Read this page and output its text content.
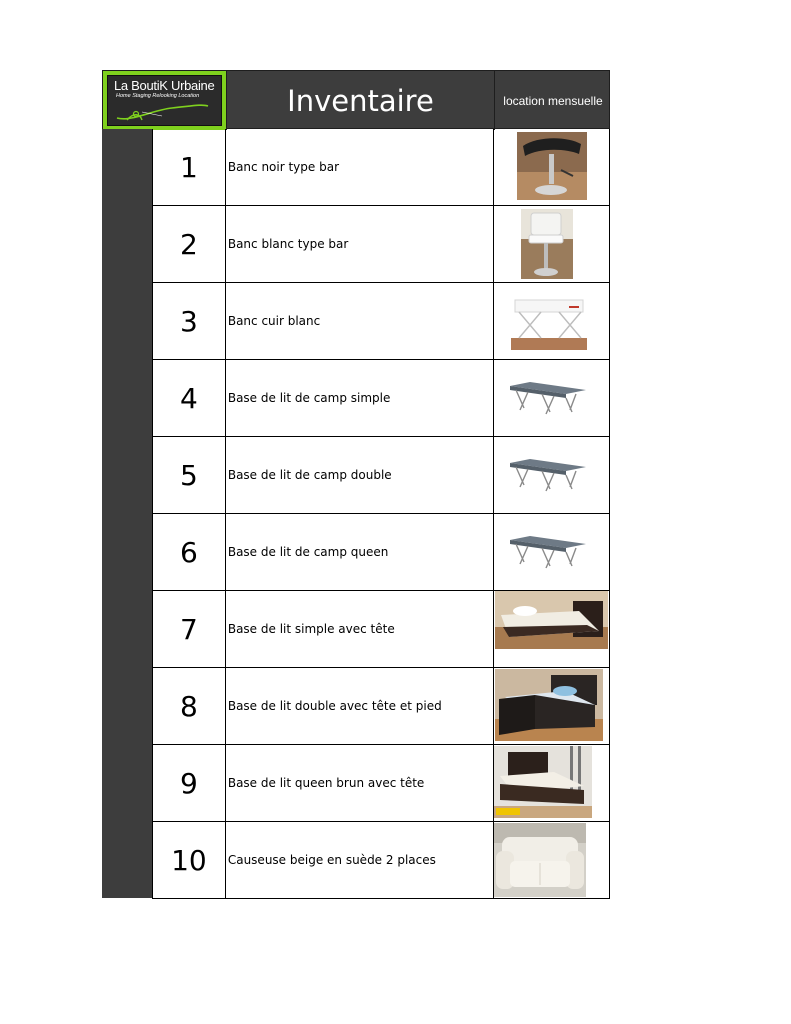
La BoutiK Urbaine
Home Staging Relooking Location	Inventaire	location mensuelle
1	Banc noir type bar
2	Banc blanc type bar
3	Banc cuir blanc
4	Base de lit de camp simple
5	Base de lit de camp double
6	Base de lit de camp queen
7	Base de lit simple avec tête
8	Base de lit double avec tête et pied
9	Base de lit queen brun avec tête
10	Causeuse beige en suède 2 places
